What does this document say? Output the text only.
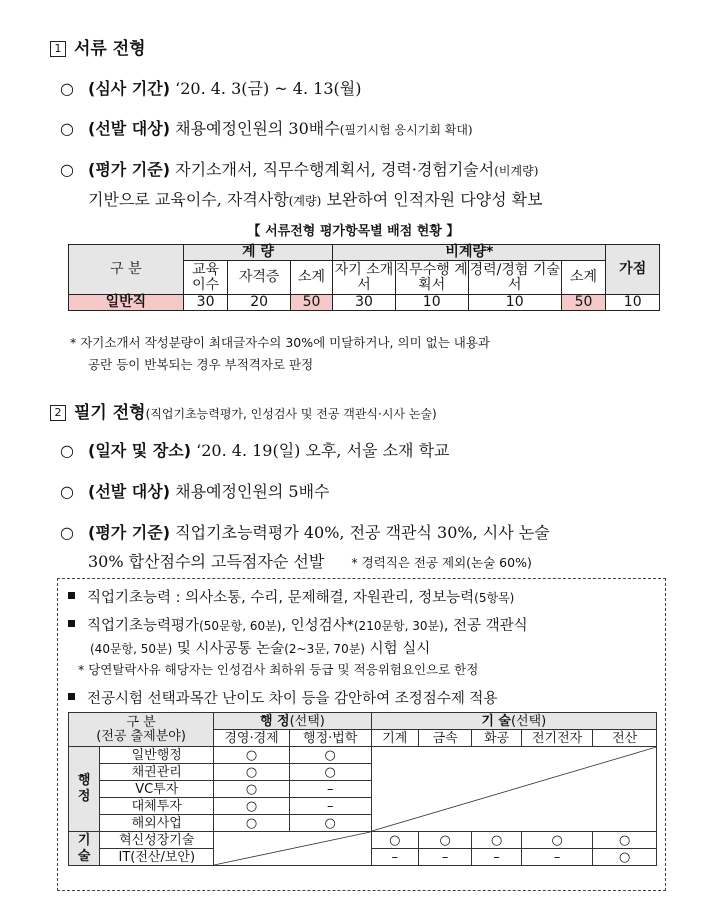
1 서류 전형
○ (심사 기간) ‘20. 4. 3(금) ~ 4. 13(월)
○ (선발 대상) 채용예정인원의 30배수(필기시험 응시기회 확대)
○ (평가 기준) 자기소개서, 직무수행계획서, 경력·경험기술서(비계량)
기반으로 교육이수, 자격사항(계량) 보완하여 인적자원 다양성 확보
【 서류전형 평가항목별 배점 현황 】
구 분	계 량			비계량*				가점
	교육 이수	자격증	소계	자기 소개서	직무수행 계획서	경력/경험 기술서	소계	
일반직	30	20	50	30	10	10	50	10
* 자기소개서 작성분량이 최대글자수의 30%에 미달하거나, 의미 없는 내용과
공란 등이 반복되는 경우 부적격자로 판정
2 필기 전형(직업기초능력평가, 인성검사 및 전공 객관식·시사 논술)
○ (일자 및 장소) ‘20. 4. 19(일) 오후, 서울 소재 학교
○ (선발 대상) 채용예정인원의 5배수
○ (평가 기준) 직업기초능력평가 40%, 전공 객관식 30%, 시사 논술
30% 합산점수의 고득점자순 선발 * 경력직은 전공 제외(논술 60%)
직업기초능력 : 의사소통, 수리, 문제해결, 자원관리, 정보능력(5항목)
직업기초능력평가(50문항, 60분), 인성검사*(210문항, 30분), 전공 객관식
(40문항, 50분) 및 시사공통 논술(2~3문, 70분) 시험 실시
* 당연탈락사유 해당자는 인성검사 최하위 등급 및 적응위험요인으로 한정
전공시험 선택과목간 난이도 차이 등을 감안하여 조정점수제 적용
구 분
(전공 출제분야)		행 정(선택)		기 술(선택)				
		경영·경제	행정·법학	기계	금속	화공	전기전자	전산

행정	일반행정	○	○	

	채권관리	○	○					
	VC투자	○	–					
	대체투자	○	–					
	해외사업	○	○					

기술	혁신성장기술			○	○	○	○	○
	IT(전산/보안)			–	–	–	–	○
